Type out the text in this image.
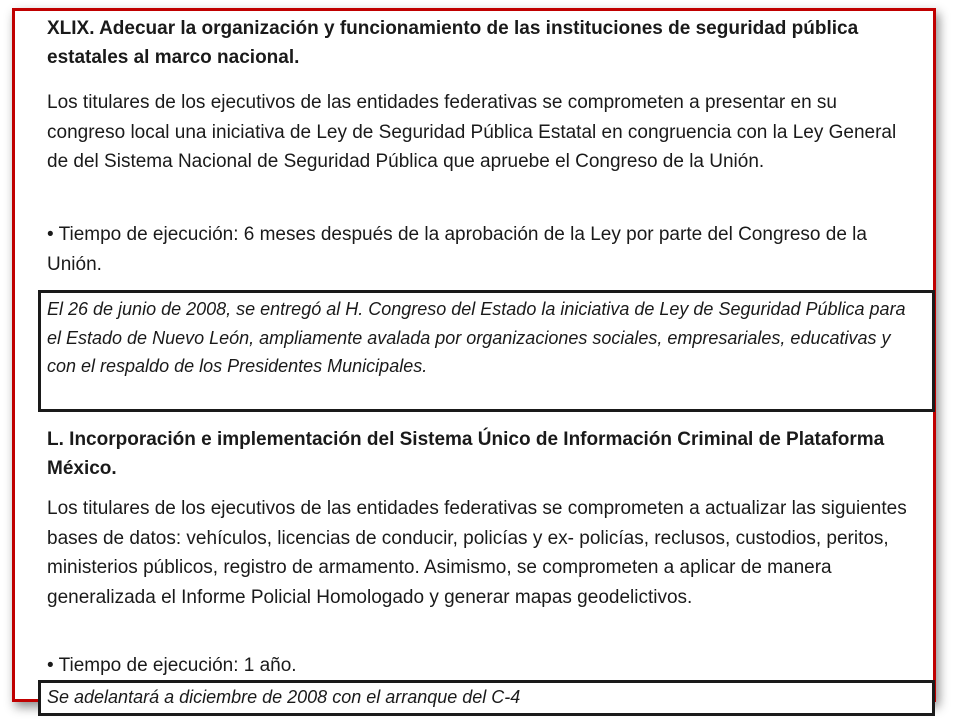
XLIX. Adecuar la organización y funcionamiento de las instituciones de seguridad pública estatales al marco nacional.

Los titulares de los ejecutivos de las entidades federativas se comprometen a presentar en su congreso local una iniciativa de Ley de Seguridad Pública Estatal en congruencia con la Ley General de del Sistema Nacional de Seguridad Pública que apruebe el Congreso de la Unión.

• Tiempo de ejecución: 6 meses después de la aprobación de la Ley por parte del Congreso de la Unión.

El 26 de junio de 2008, se entregó al H. Congreso del Estado la iniciativa de Ley de Seguridad Pública para el Estado de Nuevo León, ampliamente avalada por organizaciones sociales, empresariales, educativas y con el respaldo de los Presidentes Municipales.

L. Incorporación e implementación del Sistema Único de Información Criminal de Plataforma México.

Los titulares de los ejecutivos de las entidades federativas se comprometen a actualizar las siguientes bases de datos: vehículos, licencias de conducir, policías y ex- policías, reclusos, custodios, peritos, ministerios públicos, registro de armamento. Asimismo, se comprometen a aplicar de manera generalizada el Informe Policial Homologado y generar mapas geodelictivos.

• Tiempo de ejecución: 1 año.

Se adelantará a diciembre de 2008 con el arranque del C-4
